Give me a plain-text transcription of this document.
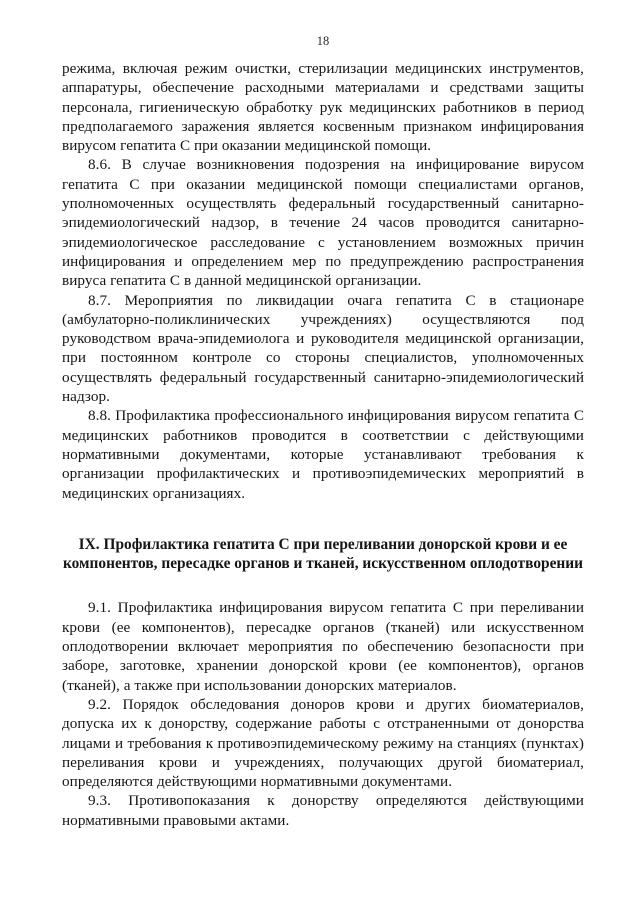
18

режима, включая режим очистки, стерилизации медицинских инструментов, аппаратуры, обеспечение расходными материалами и средствами защиты персонала, гигиеническую обработку рук медицинских работников в период предполагаемого заражения является косвенным признаком инфицирования вирусом гепатита С при оказании медицинской помощи.

8.6. В случае возникновения подозрения на инфицирование вирусом гепатита С при оказании медицинской помощи специалистами органов, уполномоченных осуществлять федеральный государственный санитарно-эпидемиологический надзор, в течение 24 часов проводится санитарно-эпидемиологическое расследование с установлением возможных причин инфицирования и определением мер по предупреждению распространения вируса гепатита С в данной медицинской организации.

8.7. Мероприятия по ликвидации очага гепатита С в стационаре (амбулаторно-поликлинических учреждениях) осуществляются под руководством врача-эпидемиолога и руководителя медицинской организации, при постоянном контроле со стороны специалистов, уполномоченных осуществлять федеральный государственный санитарно-эпидемиологический надзор.

8.8. Профилактика профессионального инфицирования вирусом гепатита С медицинских работников проводится в соответствии с действующими нормативными документами, которые устанавливают требования к организации профилактических и противоэпидемических мероприятий в медицинских организациях.

IX. Профилактика гепатита С при переливании донорской крови и ее компонентов, пересадке органов и тканей, искусственном оплодотворении

9.1. Профилактика инфицирования вирусом гепатита С при переливании крови (ее компонентов), пересадке органов (тканей) или искусственном оплодотворении включает мероприятия по обеспечению безопасности при заборе, заготовке, хранении донорской крови (ее компонентов), органов (тканей), а также при использовании донорских материалов.

9.2. Порядок обследования доноров крови и других биоматериалов, допуска их к донорству, содержание работы с отстраненными от донорства лицами и требования к противоэпидемическому режиму на станциях (пунктах) переливания крови и учреждениях, получающих другой биоматериал, определяются действующими нормативными документами.

9.3. Противопоказания к донорству определяются действующими нормативными правовыми актами.
